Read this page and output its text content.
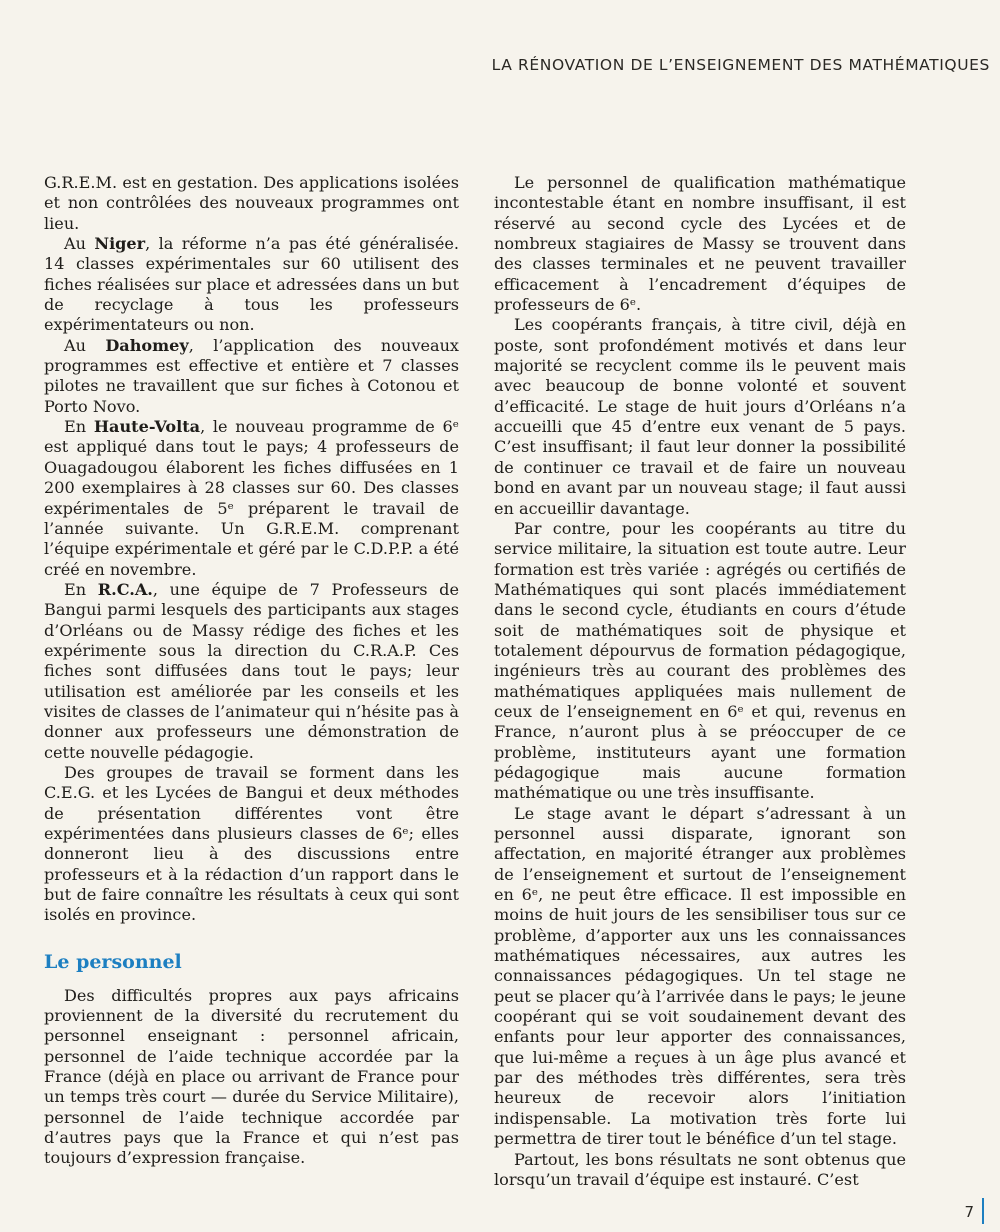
LA RÉNOVATION DE L’ENSEIGNEMENT DES MATHÉMATIQUES

G.R.E.M. est en gestation. Des applications isolées et non contrôlées des nouveaux programmes ont lieu.

Au Niger, la réforme n’a pas été généralisée. 14 classes expérimentales sur 60 utilisent des fiches réalisées sur place et adressées dans un but de recyclage à tous les professeurs expérimentateurs ou non.

Au Dahomey, l’application des nouveaux programmes est effective et entière et 7 classes pilotes ne travaillent que sur fiches à Cotonou et Porto Novo.

En Haute-Volta, le nouveau programme de 6ᵉ est appliqué dans tout le pays; 4 professeurs de Ouagadougou élaborent les fiches diffusées en 1 200 exemplaires à 28 classes sur 60. Des classes expérimentales de 5ᵉ préparent le travail de l’année suivante. Un G.R.E.M. comprenant l’équipe expérimentale et géré par le C.D.P.P. a été créé en novembre.

En R.C.A., une équipe de 7 Professeurs de Bangui parmi lesquels des participants aux stages d’Orléans ou de Massy rédige des fiches et les expérimente sous la direction du C.R.A.P. Ces fiches sont diffusées dans tout le pays; leur utilisation est améliorée par les conseils et les visites de classes de l’animateur qui n’hésite pas à donner aux professeurs une démonstration de cette nouvelle pédagogie.

Des groupes de travail se forment dans les C.E.G. et les Lycées de Bangui et deux méthodes de présentation différentes vont être expérimentées dans plusieurs classes de 6ᵉ; elles donneront lieu à des discussions entre professeurs et à la rédaction d’un rapport dans le but de faire connaître les résultats à ceux qui sont isolés en province.

Le personnel

Des difficultés propres aux pays africains proviennent de la diversité du recrutement du personnel enseignant : personnel africain, personnel de l’aide technique accordée par la France (déjà en place ou arrivant de France pour un temps très court — durée du Service Militaire), personnel de l’aide technique accordée par d’autres pays que la France et qui n’est pas toujours d’expression française.

Le personnel de qualification mathématique incontestable étant en nombre insuffisant, il est réservé au second cycle des Lycées et de nombreux stagiaires de Massy se trouvent dans des classes terminales et ne peuvent travailler efficacement à l’encadrement d’équipes de professeurs de 6ᵉ.

Les coopérants français, à titre civil, déjà en poste, sont profondément motivés et dans leur majorité se recyclent comme ils le peuvent mais avec beaucoup de bonne volonté et souvent d’efficacité. Le stage de huit jours d’Orléans n’a accueilli que 45 d’entre eux venant de 5 pays. C’est insuffisant; il faut leur donner la possibilité de continuer ce travail et de faire un nouveau bond en avant par un nouveau stage; il faut aussi en accueillir davantage.

Par contre, pour les coopérants au titre du service militaire, la situation est toute autre. Leur formation est très variée : agrégés ou certifiés de Mathématiques qui sont placés immédiatement dans le second cycle, étudiants en cours d’étude soit de mathématiques soit de physique et totalement dépourvus de formation pédagogique, ingénieurs très au courant des problèmes des mathématiques appliquées mais nullement de ceux de l’enseignement en 6ᵉ et qui, revenus en France, n’auront plus à se préoccuper de ce problème, instituteurs ayant une formation pédagogique mais aucune formation mathématique ou une très insuffisante.

Le stage avant le départ s’adressant à un personnel aussi disparate, ignorant son affectation, en majorité étranger aux problèmes de l’enseignement et surtout de l’enseignement en 6ᵉ, ne peut être efficace. Il est impossible en moins de huit jours de les sensibiliser tous sur ce problème, d’apporter aux uns les connaissances mathématiques nécessaires, aux autres les connaissances pédagogiques. Un tel stage ne peut se placer qu’à l’arrivée dans le pays; le jeune coopérant qui se voit soudainement devant des enfants pour leur apporter des connaissances, que lui-même a reçues à un âge plus avancé et par des méthodes très différentes, sera très heureux de recevoir alors l’initiation indispensable. La motivation très forte lui permettra de tirer tout le bénéfice d’un tel stage.

Partout, les bons résultats ne sont obtenus que lorsqu’un travail d’équipe est instauré. C’est

7
